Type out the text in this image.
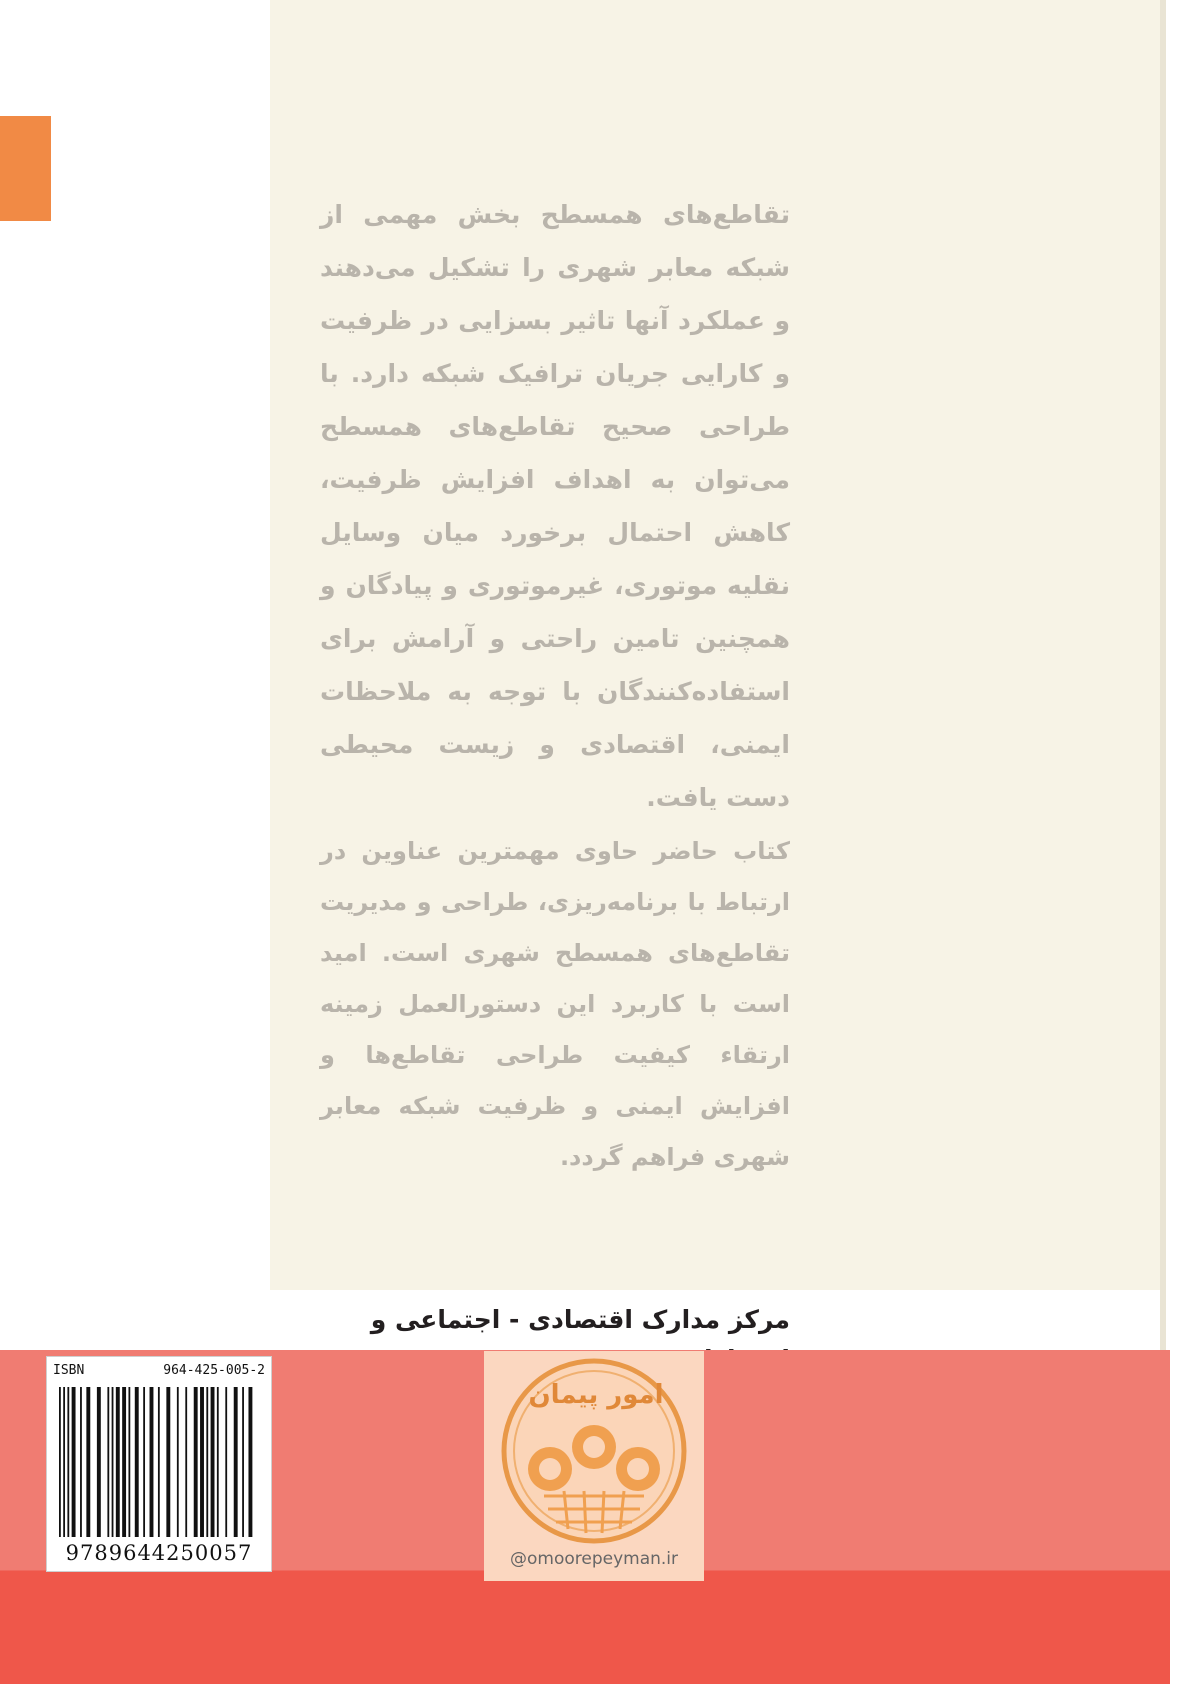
تقاطع‌های همسطح بخش مهمی از شبکه معابر شهری را تشکیل می‌دهند و عملکرد آنها تاثیر بسزایی در ظرفیت و کارایی جریان ترافیک شبکه دارد. با طراحی صحیح تقاطع‌های همسطح می‌توان به اهداف افزایش ظرفیت، کاهش احتمال برخورد میان وسایل نقلیه موتوری، غیرموتوری و پیادگان و همچنین تامین راحتی و آرامش برای استفاده‌کنندگان با توجه به ملاحظات ایمنی، اقتصادی و زیست محیطی دست یافت.

کتاب حاضر حاوی مهمترین عناوین در ارتباط با برنامه‌ریزی، طراحی و مدیریت تقاطع‌های همسطح شهری است. امید است با کاربرد این دستورالعمل زمینه ارتقاء کیفیت طراحی تقاطع‌ها و افزایش ایمنی و ظرفیت شبکه معابر شهری فراهم گردد.

مرکز مدارک اقتصادی - اجتماعی و
ISBN	964-425-005-2
9789644250057
امور پیمان
@omoorepeyman.ir
